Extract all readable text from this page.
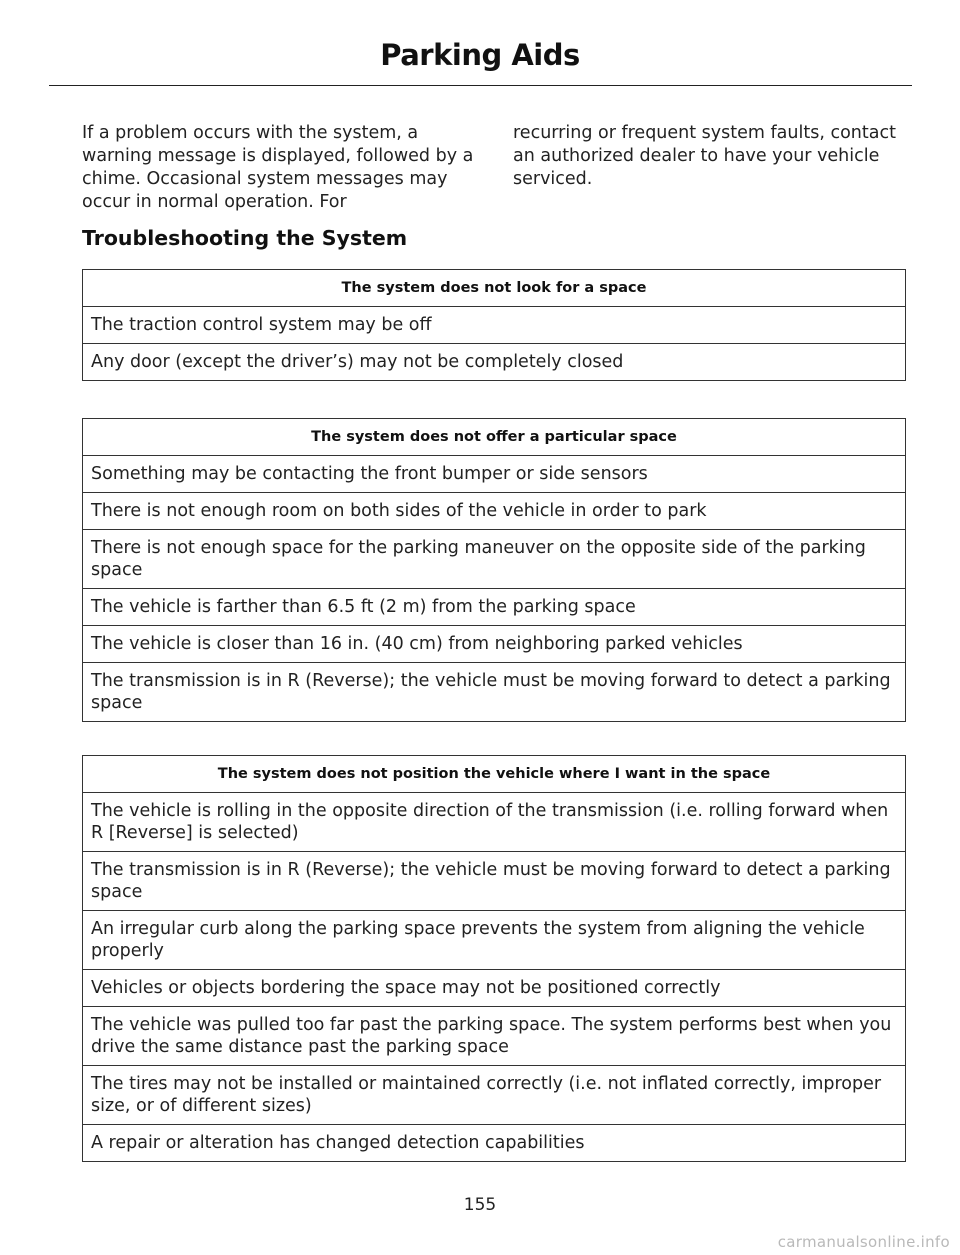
Parking Aids

If a problem occurs with the system, a warning message is displayed, followed by a chime. Occasional system messages may occur in normal operation. For

recurring or frequent system faults, contact an authorized dealer to have your vehicle serviced.

Troubleshooting the System
The system does not look for a space
The traction control system may be off
Any door (except the driver’s) may not be completely closed
The system does not offer a particular space
Something may be contacting the front bumper or side sensors
There is not enough room on both sides of the vehicle in order to park
There is not enough space for the parking maneuver on the opposite side of the parking space
The vehicle is farther than 6.5 ft (2 m) from the parking space
The vehicle is closer than 16 in. (40 cm) from neighboring parked vehicles
The transmission is in R (Reverse); the vehicle must be moving forward to detect a parking space
The system does not position the vehicle where I want in the space
The vehicle is rolling in the opposite direction of the transmission (i.e. rolling forward when R [Reverse] is selected)
The transmission is in R (Reverse); the vehicle must be moving forward to detect a parking space
An irregular curb along the parking space prevents the system from aligning the vehicle properly
Vehicles or objects bordering the space may not be positioned correctly
The vehicle was pulled too far past the parking space. The system performs best when you drive the same distance past the parking space
The tires may not be installed or maintained correctly (i.e. not inflated correctly, improper size, or of different sizes)
A repair or alteration has changed detection capabilities
155
carmanualsonline.info
